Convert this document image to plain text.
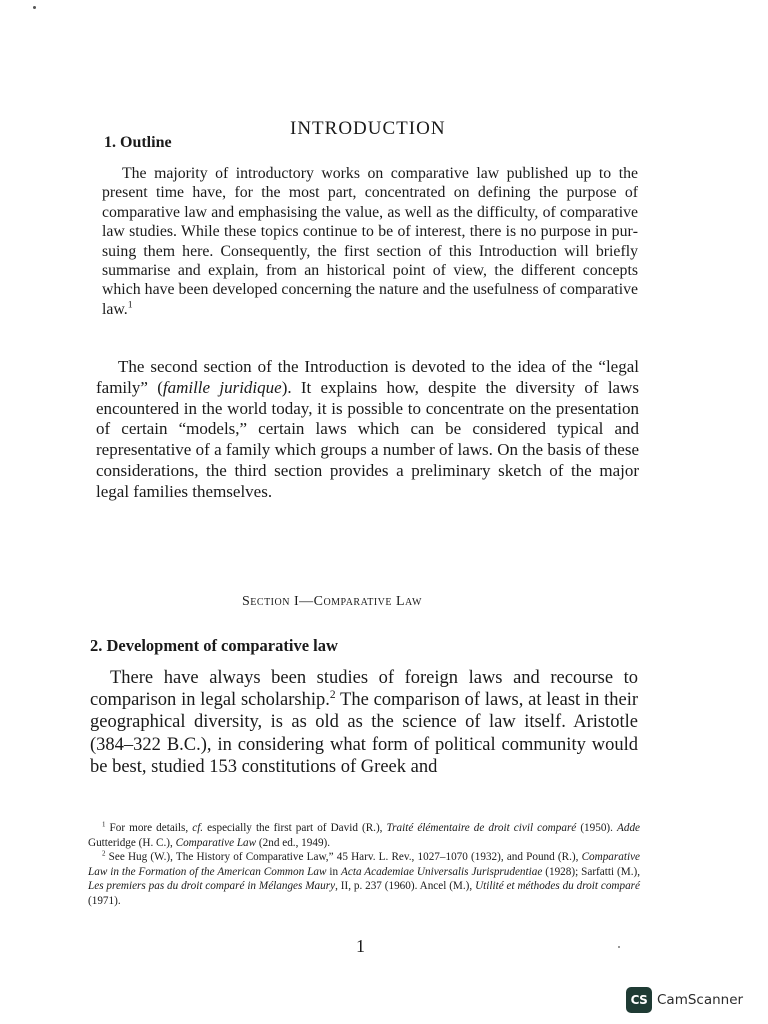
INTRODUCTION
1. Outline

The majority of introductory works on comparative law published up to the present time have, for the most part, concentrated on defining the purpose of comparative law and emphasising the value, as well as the difficulty, of comparative law studies. While these topics continue to be of interest, there is no purpose in pursuing them here. Consequently, the first section of this Introduction will briefly summarise and explain, from an historical point of view, the different concepts which have been developed concerning the nature and the usefulness of comparative law.$^1$

The second section of the Introduction is devoted to the idea of the “legal family” (famille juridique). It explains how, despite the diversity of laws encountered in the world today, it is possible to concentrate on the presentation of certain “models,” certain laws which can be considered typical and representative of a family which groups a number of laws. On the basis of these considerations, the third section provides a preliminary sketch of the major legal families themselves.

Section I—Comparative Law
2. Development of comparative law

There have always been studies of foreign laws and recourse to comparison in legal scholarship.$^2$ The comparison of laws, at least in their geographical diversity, is as old as the science of law itself. Aristotle (384–322 B.C.), in considering what form of political community would be best, studied 153 constitutions of Greek and

$^1$ For more details, cf. especially the first part of David (R.), Traité élémentaire de droit civil comparé (1950). Adde Gutteridge (H. C.), Comparative Law (2nd ed., 1949).

$^2$ See Hug (W.), The History of Comparative Law,” 45 Harv. L. Rev., 1027–1070 (1932), and Pound (R.), Comparative Law in the Formation of the American Common Law in Acta Academiae Universalis Jurisprudentiae (1928); Sarfatti (M.), Les premiers pas du droit comparé in Mélanges Maury, II, p. 237 (1960). Ancel (M.), Utilité et méthodes du droit comparé (1971).

1
CS CamScanner
